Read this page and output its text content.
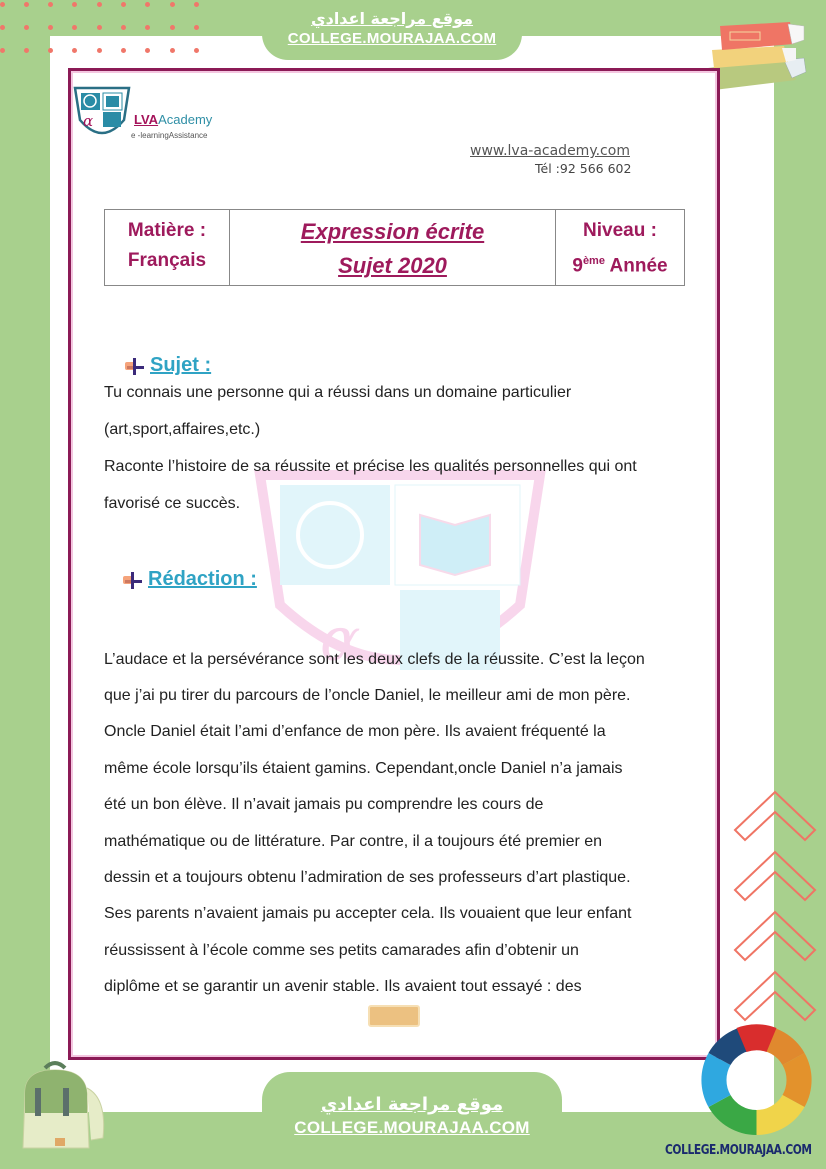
موقع مراجعة اعدادي
COLLEGE.MOURAJAA.COM
α
α	LVAAcademy
e -learningAssistance
www.lva-academy.com
Tél :92 566 602
Matière :
Français
Expression écrite
Sujet 2020
Niveau :
9ème Année
Sujet :
Tu connais une personne qui a réussi dans un domaine particulier
(art,sport,affaires,etc.)
Raconte l’histoire de sa réussite et précise les qualités personnelles qui ont
favorisé ce succès.
Rédaction :
L’audace et la persévérance sont les deux clefs de la réussite. C’est la leçon
que j’ai pu tirer du parcours de l’oncle Daniel, le meilleur ami de mon père.
Oncle Daniel était l’ami d’enfance de mon père. Ils avaient fréquenté la
même école lorsqu’ils étaient gamins. Cependant,oncle Daniel n’a jamais
été un bon élève. Il n’avait jamais pu comprendre les cours de
mathématique ou de littérature. Par contre, il a toujours été premier en
dessin et a toujours obtenu l’admiration de ses professeurs d’art plastique.
Ses parents n’avaient jamais pu accepter cela. Ils vouaient que leur enfant
réussissent à l’école comme ses petits camarades afin d’obtenir un
diplôme et se garantir un avenir stable. Ils avaient tout essayé : des
موقع مراجعة اعدادي
COLLEGE.MOURAJAA.COM
COLLEGE.MOURAJAA.COM
